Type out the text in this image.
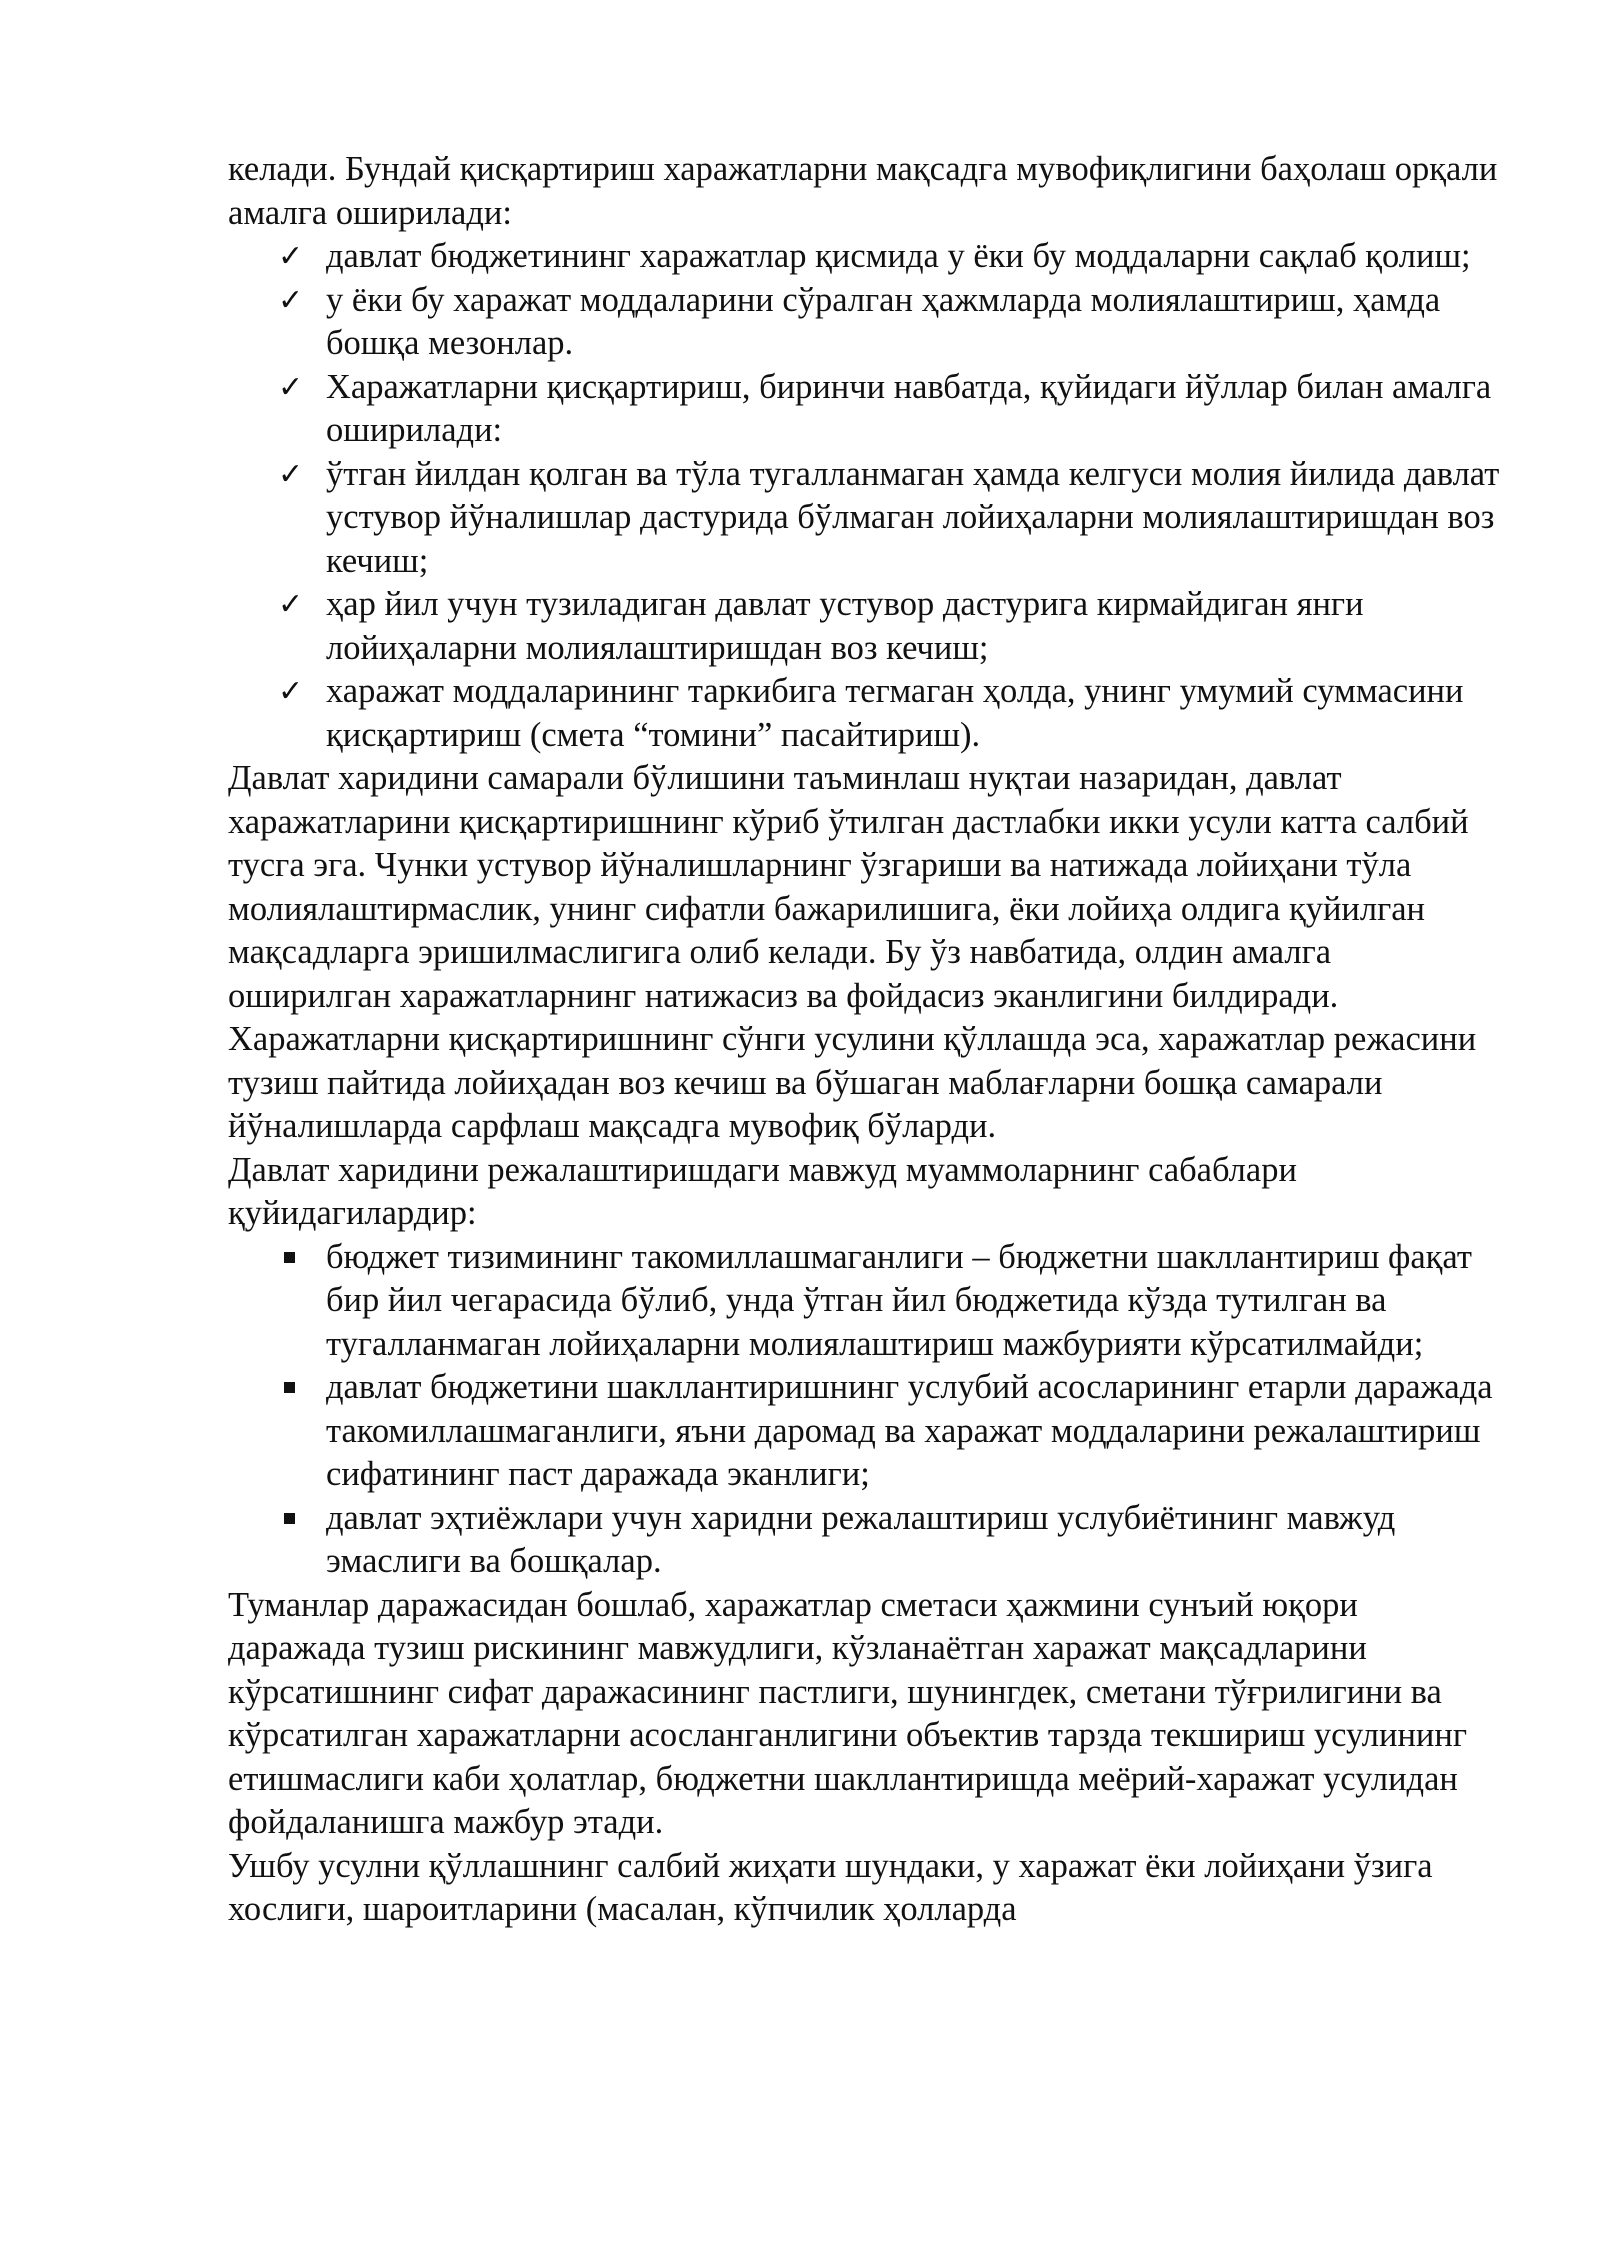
келади. Бундай қисқартириш харажатларни мақсадга мувофиқлигини баҳолаш орқали амалга оширилади:

✓ давлат бюджетининг харажатлар қисмида у ёки бу моддаларни сақлаб қолиш;
✓ у ёки бу харажат моддаларини сўралган ҳажмларда молиялаштириш, ҳамда бошқа мезонлар.
✓ Харажатларни қисқартириш, биринчи навбатда, қуйидаги йўллар билан амалга оширилади:
✓ ўтган йилдан қолган ва тўла тугалланмаган ҳамда келгуси молия йилида давлат устувор йўналишлар дастурида бўлмаган лойиҳаларни молиялаштиришдан воз кечиш;
✓ ҳар йил учун тузиладиган давлат устувор дастурига кирмайдиган янги лойиҳаларни молиялаштиришдан воз кечиш;
✓ харажат моддаларининг таркибига тегмаган ҳолда, унинг умумий суммасини қисқартириш (смета “томини” пасайтириш).

Давлат харидини самарали бўлишини таъминлаш нуқтаи назаридан, давлат харажатларини қисқартиришнинг кўриб ўтилган дастлабки икки усули катта салбий тусга эга. Чунки устувор йўналишларнинг ўзгариши ва натижада лойиҳани тўла молиялаштирмаслик, унинг сифатли бажарилишига, ёки лойиҳа олдига қуйилган мақсадларга эришилмаслигига олиб келади. Бу ўз навбатида, олдин амалга оширилган харажатларнинг натижасиз ва фойдасиз эканлигини билдиради.

Харажатларни қисқартиришнинг сўнги усулини қўллашда эса, харажатлар режасини тузиш пайтида лойиҳадан воз кечиш ва бўшаган маблағларни бошқа самарали йўналишларда сарфлаш мақсадга мувофиқ бўларди.

Давлат харидини режалаштиришдаги мавжуд муаммоларнинг сабаблари қуйидагилардир:

бюджет тизимининг такомиллашмаганлиги – бюджетни шакллантириш фақат бир йил чегарасида бўлиб, унда ўтган йил бюджетида кўзда тутилган ва тугалланмаган лойиҳаларни молиялаштириш мажбурияти кўрсатилмайди;
давлат бюджетини шакллантиришнинг услубий асосларининг етарли даражада такомиллашмаганлиги, яъни даромад ва харажат моддаларини режалаштириш сифатининг паст даражада эканлиги;
давлат эҳтиёжлари учун харидни режалаштириш услубиётининг мавжуд эмаслиги ва бошқалар.

Туманлар даражасидан бошлаб, харажатлар сметаси ҳажмини сунъий юқори даражада тузиш рискининг мавжудлиги, кўзланаётган харажат мақсадларини кўрсатишнинг сифат даражасининг пастлиги, шунингдек, сметани тўғрилигини ва кўрсатилган харажатларни асосланганлигини объектив тарзда текшириш усулининг етишмаслиги каби ҳолатлар, бюджетни шакллантиришда меёрий-харажат усулидан фойдаланишга мажбур этади.

Ушбу усулни қўллашнинг салбий жиҳати шундаки, у харажат ёки лойиҳани ўзига хослиги, шароитларини (масалан, кўпчилик ҳолларда
